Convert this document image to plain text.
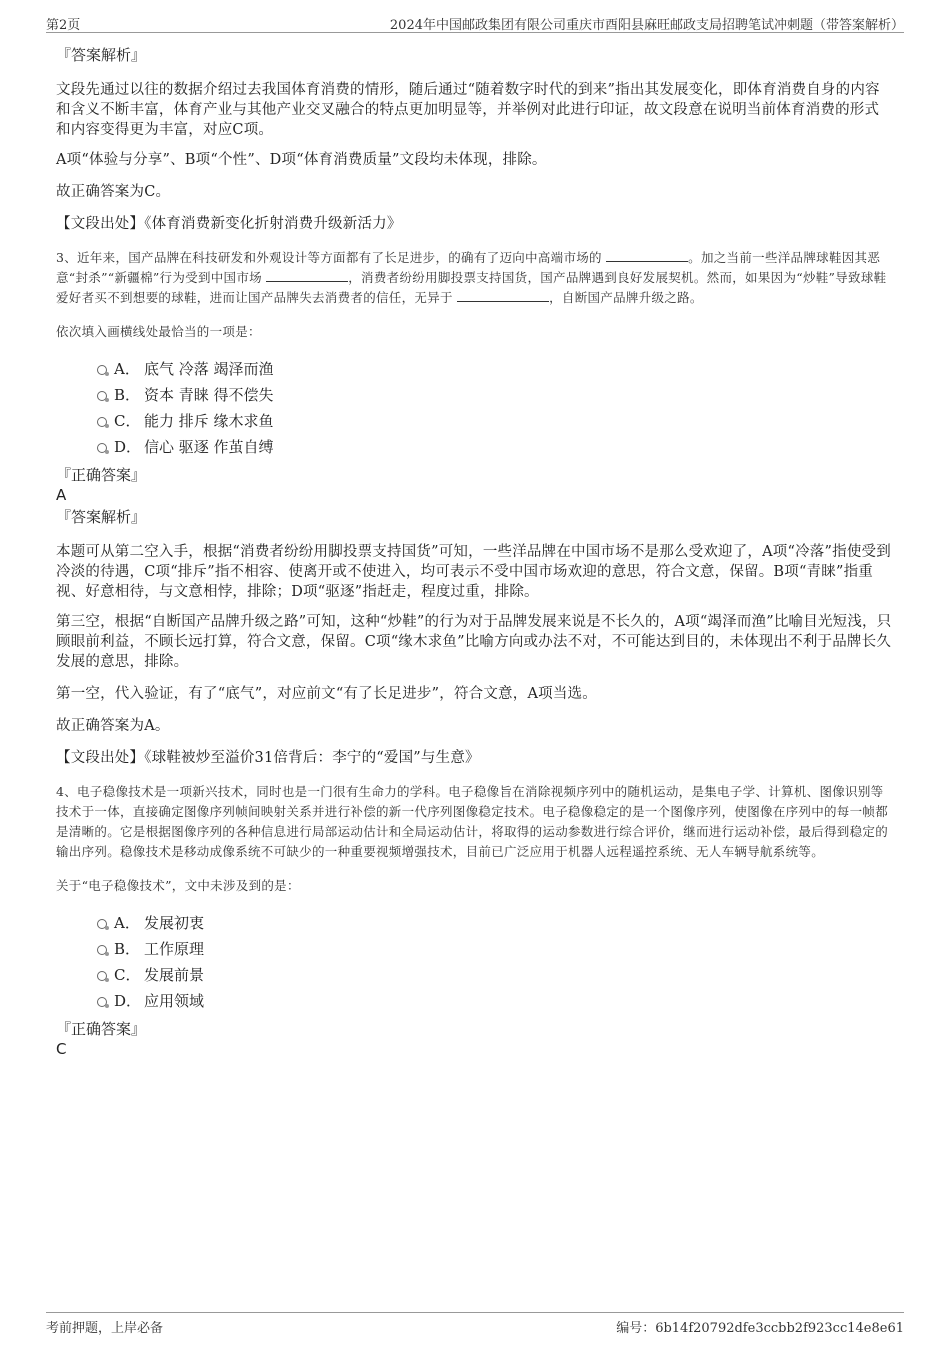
第2页	2024年中国邮政集团有限公司重庆市酉阳县麻旺邮政支局招聘笔试冲刺题（带答案解析）

『答案解析』

文段先通过以往的数据介绍过去我国体育消费的情形，随后通过“随着数字时代的到来”指出其发展变化，即体育消费自身的内容和含义不断丰富，体育产业与其他产业交叉融合的特点更加明显等，并举例对此进行印证，故文段意在说明当前体育消费的形式和内容变得更为丰富，对应C项。

A项“体验与分享”、B项“个性”、D项“体育消费质量”文段均未体现，排除。

故正确答案为C。

【文段出处】《体育消费新变化折射消费升级新活力》

3、近年来，国产品牌在科技研发和外观设计等方面都有了长足进步，的确有了迈向中高端市场的	。加之当前一些洋品牌球鞋因其恶意“封杀”“新疆棉”行为受到中国市场	，消费者纷纷用脚投票支持国货，国产品牌遇到良好发展契机。然而，如果因为“炒鞋”导致球鞋爱好者买不到想要的球鞋，进而让国产品牌失去消费者的信任，无异于	，自断国产品牌升级之路。

依次填入画横线处最恰当的一项是：

A． 底气 冷落 竭泽而渔
B． 资本 青睐 得不偿失
C． 能力 排斥 缘木求鱼
D． 信心 驱逐 作茧自缚

『正确答案』

A

『答案解析』

本题可从第二空入手，根据“消费者纷纷用脚投票支持国货”可知，一些洋品牌在中国市场不是那么受欢迎了，A项“冷落”指使受到冷淡的待遇，C项“排斥”指不相容、使离开或不使进入，均可表示不受中国市场欢迎的意思，符合文意，保留。B项“青睐”指重视、好意相待，与文意相悖，排除；D项“驱逐”指赶走，程度过重，排除。

第三空，根据“自断国产品牌升级之路”可知，这种“炒鞋”的行为对于品牌发展来说是不长久的，A项“竭泽而渔”比喻目光短浅，只顾眼前利益，不顾长远打算，符合文意，保留。C项“缘木求鱼”比喻方向或办法不对，不可能达到目的，未体现出不利于品牌长久发展的意思，排除。

第一空，代入验证，有了“底气”，对应前文“有了长足进步”，符合文意，A项当选。

故正确答案为A。

【文段出处】《球鞋被炒至溢价31倍背后：李宁的“爱国”与生意》

4、电子稳像技术是一项新兴技术，同时也是一门很有生命力的学科。电子稳像旨在消除视频序列中的随机运动，是集电子学、计算机、图像识别等技术于一体，直接确定图像序列帧间映射关系并进行补偿的新一代序列图像稳定技术。电子稳像稳定的是一个图像序列，使图像在序列中的每一帧都是清晰的。它是根据图像序列的各种信息进行局部运动估计和全局运动估计，将取得的运动参数进行综合评价，继而进行运动补偿，最后得到稳定的输出序列。稳像技术是移动成像系统不可缺少的一种重要视频增强技术，目前已广泛应用于机器人远程遥控系统、无人车辆导航系统等。

关于“电子稳像技术”，文中未涉及到的是：

A． 发展初衷
B． 工作原理
C． 发展前景
D． 应用领域

『正确答案』

C

考前押题，上岸必备	编号：6b14f20792dfe3ccbb2f923cc14e8e61
